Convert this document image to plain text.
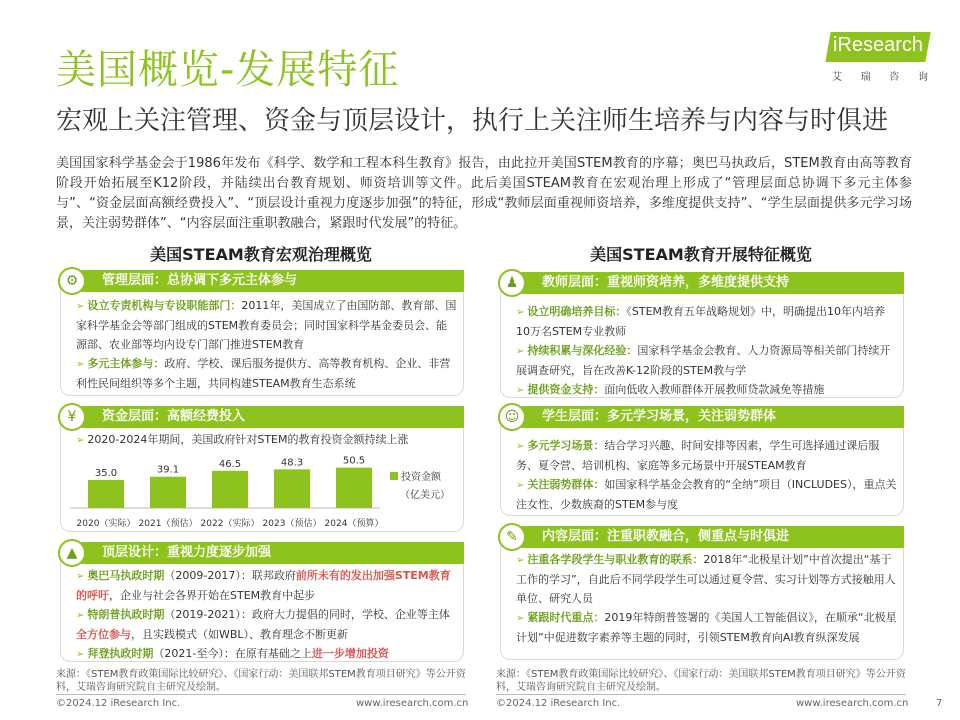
美国概览-发展特征
宏观上关注管理、资金与顶层设计，执行上关注师生培养与内容与时俱进
iResearch
艾 瑞 咨 询
美国国家科学基金会于1986年发布《科学、数学和工程本科生教育》报告，由此拉开美国STEM教育的序幕；奥巴马执政后，STEM教育由高等教育阶段开始拓展至K12阶段，并陆续出台教育规划、师资培训等文件。此后美国STEAM教育在宏观治理上形成了“管理层面总协调下多元主体参与”、“资金层面高额经费投入”、“顶层设计重视力度逐步加强”的特征，形成“教师层面重视师资培养，多维度提供支持”、“学生层面提供多元学习场景，关注弱势群体”、“内容层面注重职教融合，紧跟时代发展”的特征。
美国STEAM教育宏观治理概览	美国STEAM教育开展特征概览
管理层面：总协调下多元主体参与
⚙
➢ 设立专责机构与专设职能部门：2011年，美国成立了由国防部、教育部、国家科学基金会等部门组成的STEM教育委员会；同时国家科学基金委员会、能源部、农业部等均内设专门部门推进STEM教育
➢ 多元主体参与：政府、学校、课后服务提供方、高等教育机构、企业、非营利性民间组织等多个主题，共同构建STEAM教育生态系统
资金层面：高额经费投入
¥
➢ 2020-2024年期间，美国政府针对STEM的教育投资金额持续上涨
35.0
2020（实际）
39.1
2021（预估）
46.5
2022（实际）
48.3
2023（预估）
50.5
2024（预算）
投资金额
（亿美元）
顶层设计：重视力度逐步加强
▲
➢ 奥巴马执政时期（2009-2017）：联邦政府前所未有的发出加强STEM教育的呼吁，企业与社会各界开始在STEM教育中起步
➢ 特朗普执政时期（2019-2021）：政府大力提倡的同时，学校、企业等主体全方位参与，且实践模式（如WBL）、教育理念不断更新
➢ 拜登执政时期（2021-至今）：在原有基础之上进一步增加投资
教师层面：重视师资培养，多维度提供支持
♟
➢ 设立明确培养目标：《STEM教育五年战略规划》中，明确提出10年内培养10万名STEM专业教师
➢ 持续积累与深化经验：国家科学基金会教育、人力资源局等相关部门持续开展调查研究，旨在改善K-12阶段的STEM教与学
➢ 提供资金支持：面向低收入教师群体开展教师贷款减免等措施
学生层面：多元学习场景，关注弱势群体
☺
➢ 多元学习场景：结合学习兴趣、时间安排等因素，学生可选择通过课后服务、夏令营、培训机构、家庭等多元场景中开展STEAM教育
➢ 关注弱势群体：如国家科学基金会教育的“全纳”项目（INCLUDES），重点关注女性、少数族裔的STEM参与度
内容层面：注重职教融合，侧重点与时俱进
✎
➢ 注重各学段学生与职业教育的联系：2018年“北极星计划”中首次提出“基于工作的学习”，自此后不同学段学生可以通过夏令营、实习计划等方式接触用人单位、研究人员
➢ 紧跟时代重点：2019年特朗普签署的《美国人工智能倡议》，在顺承“北极星计划”中促进数字素养等主题的同时，引领STEM教育向AI教育纵深发展
来源：《STEM教育政策国际比较研究》、《国家行动：美国联邦STEM教育项目研究》等公开资料，艾瑞咨询研究院自主研究及绘制。
来源：《STEM教育政策国际比较研究》、《国家行动：美国联邦STEM教育项目研究》等公开资料，艾瑞咨询研究院自主研究及绘制。
©2024.12 iResearch Inc.	www.iresearch.com.cn	©2024.12 iResearch Inc.	www.iresearch.com.cn	7
